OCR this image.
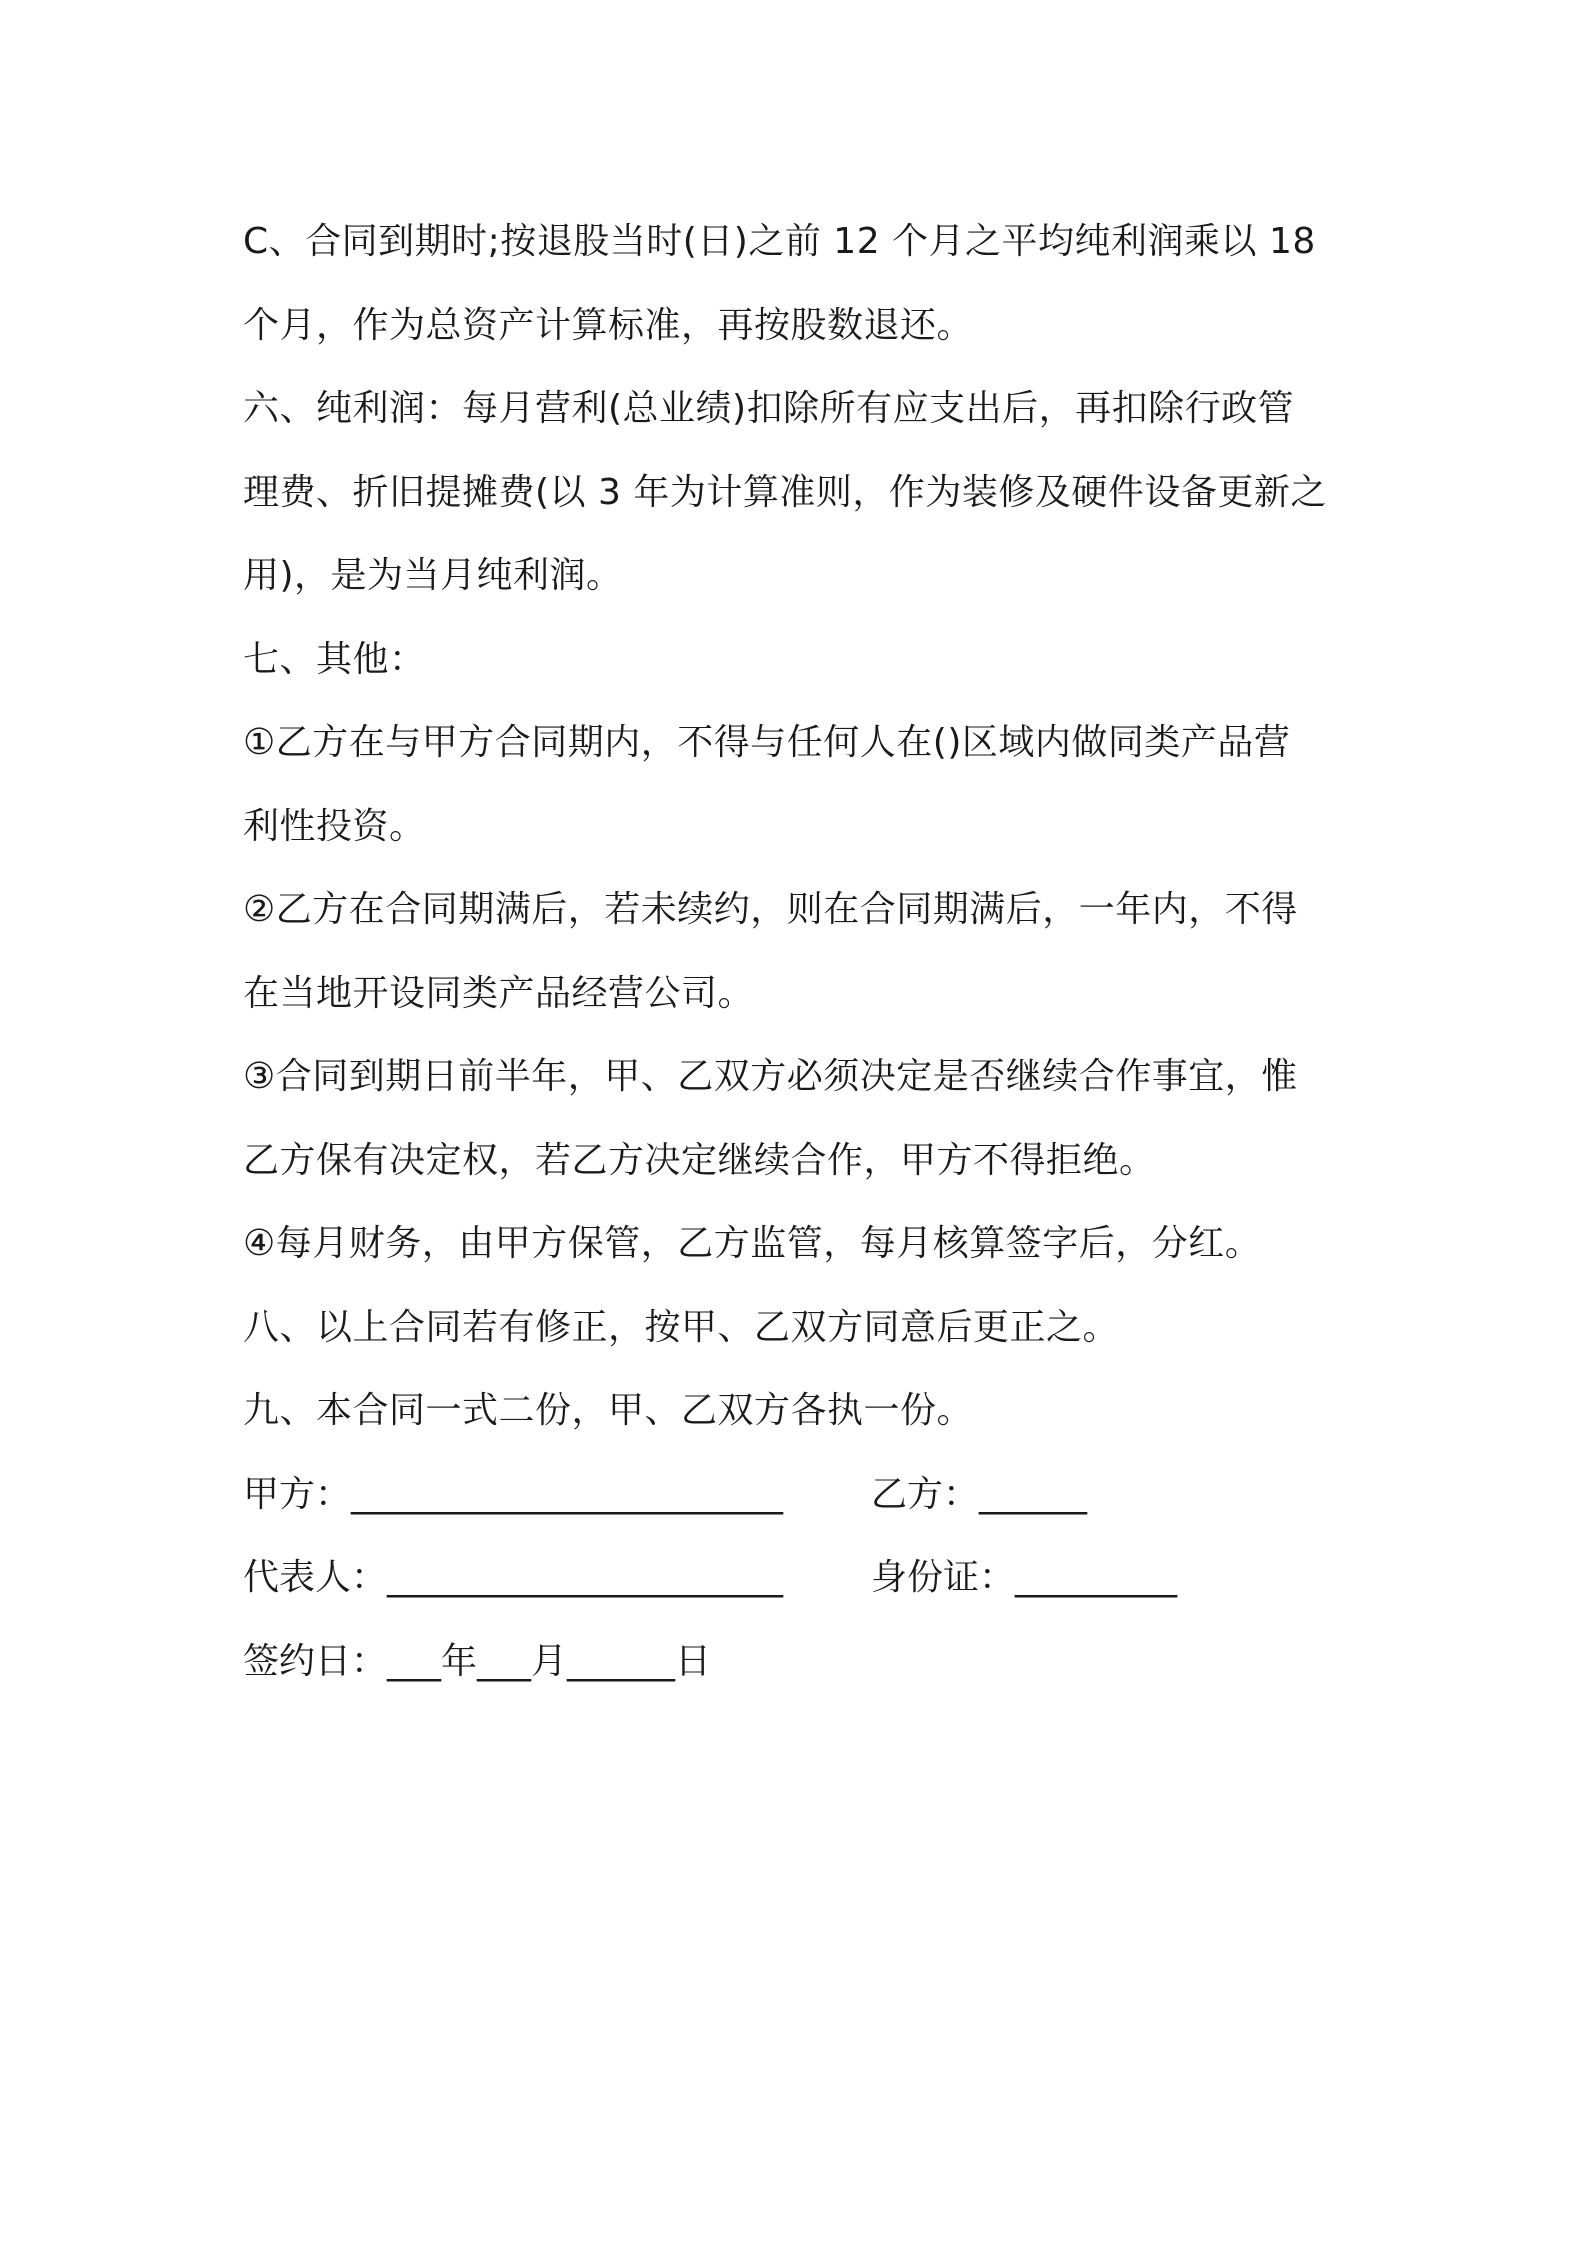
C、合同到期时;按退股当时(日)之前 12 个月之平均纯利润乘以 18
个月，作为总资产计算标准，再按股数退还。
六、纯利润：每月营利(总业绩)扣除所有应支出后，再扣除行政管
理费、折旧提摊费(以 3 年为计算准则，作为装修及硬件设备更新之
用)，是为当月纯利润。
七、其他：
①乙方在与甲方合同期内，不得与任何人在()区域内做同类产品营
利性投资。
②乙方在合同期满后，若未续约，则在合同期满后，一年内，不得
在当地开设同类产品经营公司。
③合同到期日前半年，甲、乙双方必须决定是否继续合作事宜，惟
乙方保有决定权，若乙方决定继续合作，甲方不得拒绝。
④每月财务，由甲方保管，乙方监管，每月核算签字后，分红。
八、以上合同若有修正，按甲、乙双方同意后更正之。
九、本合同一式二份，甲、乙双方各执一份。
甲方：________________________ 乙方：______
代表人：______________________ 身份证：_________
签约日：___年___月______日
